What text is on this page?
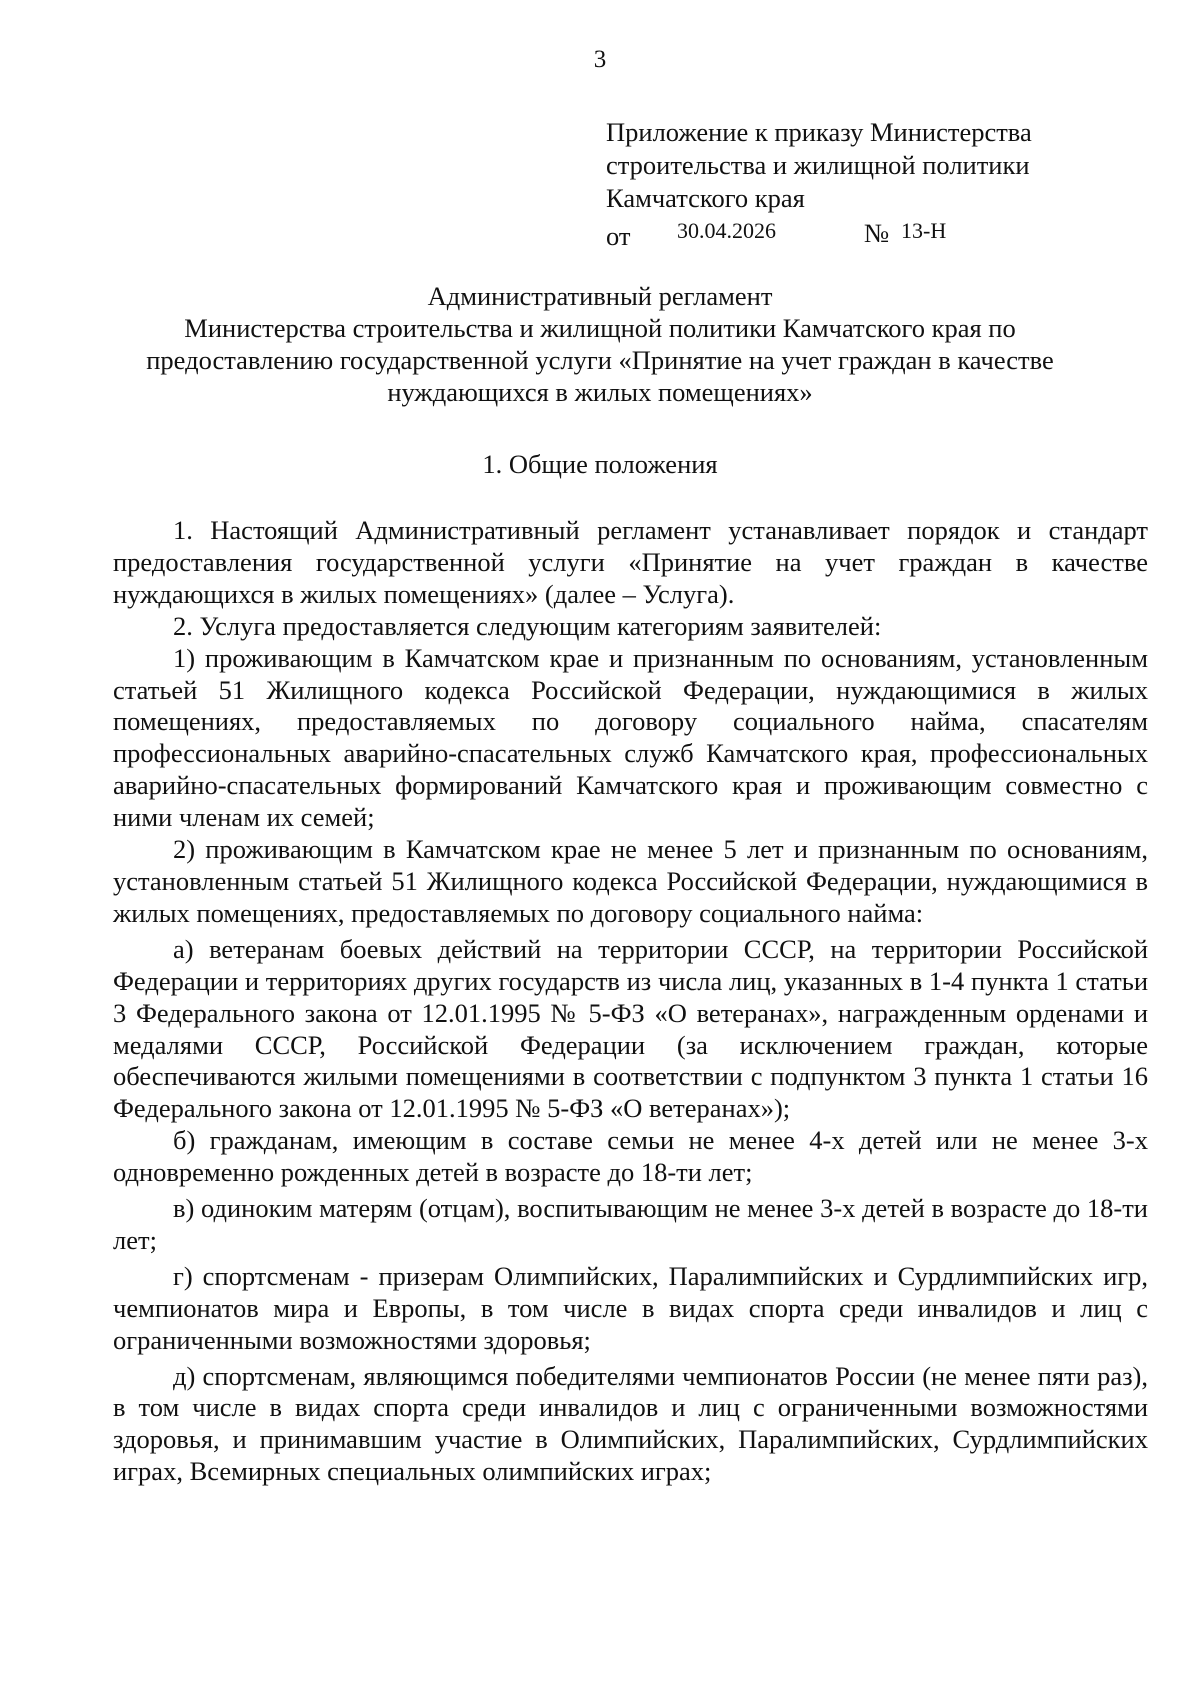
3
Приложение к приказу Министерства
строительства и жилищной политики
Камчатского края
от 30.04.2026	№ 13-Н
Административный регламент
Министерства строительства и жилищной политики Камчатского края по
предоставлению государственной услуги «Принятие на учет граждан в качестве
нуждающихся в жилых помещениях»
1. Общие положения

1. Настоящий Административный регламент устанавливает порядок и стандарт предоставления государственной услуги «Принятие на учет граждан в качестве нуждающихся в жилых помещениях» (далее – Услуга).

2. Услуга предоставляется следующим категориям заявителей:

1) проживающим в Камчатском крае и признанным по основаниям, установленным статьей 51 Жилищного кодекса Российской Федерации, нуждающимися в жилых помещениях, предоставляемых по договору социального найма, спасателям профессиональных аварийно-спасательных служб Камчатского края, профессиональных аварийно-спасательных формирований Камчатского края и проживающим совместно с ними членам их семей;

2) проживающим в Камчатском крае не менее 5 лет и признанным по основаниям, установленным статьей 51 Жилищного кодекса Российской Федерации, нуждающимися в жилых помещениях, предоставляемых по договору социального найма:

а) ветеранам боевых действий на территории СССР, на территории Российской Федерации и территориях других государств из числа лиц, указанных в 1-4 пункта 1 статьи 3 Федерального закона от 12.01.1995 № 5-ФЗ «О ветеранах», награжденным орденами и медалями СССР, Российской Федерации (за исключением граждан, которые обеспечиваются жилыми помещениями в соответствии с подпунктом 3 пункта 1 статьи 16 Федерального закона от 12.01.1995 № 5-ФЗ «О ветеранах»);

б) гражданам, имеющим в составе семьи не менее 4-х детей или не менее 3-х одновременно рожденных детей в возрасте до 18-ти лет;

в) одиноким матерям (отцам), воспитывающим не менее 3-х детей в возрасте до 18-ти лет;

г) спортсменам - призерам Олимпийских, Паралимпийских и Сурдлимпийских игр, чемпионатов мира и Европы, в том числе в видах спорта среди инвалидов и лиц с ограниченными возможностями здоровья;

д) спортсменам, являющимся победителями чемпионатов России (не менее пяти раз), в том числе в видах спорта среди инвалидов и лиц с ограниченными возможностями здоровья, и принимавшим участие в Олимпийских, Паралимпийских, Сурдлимпийских играх, Всемирных специальных олимпийских играх;
